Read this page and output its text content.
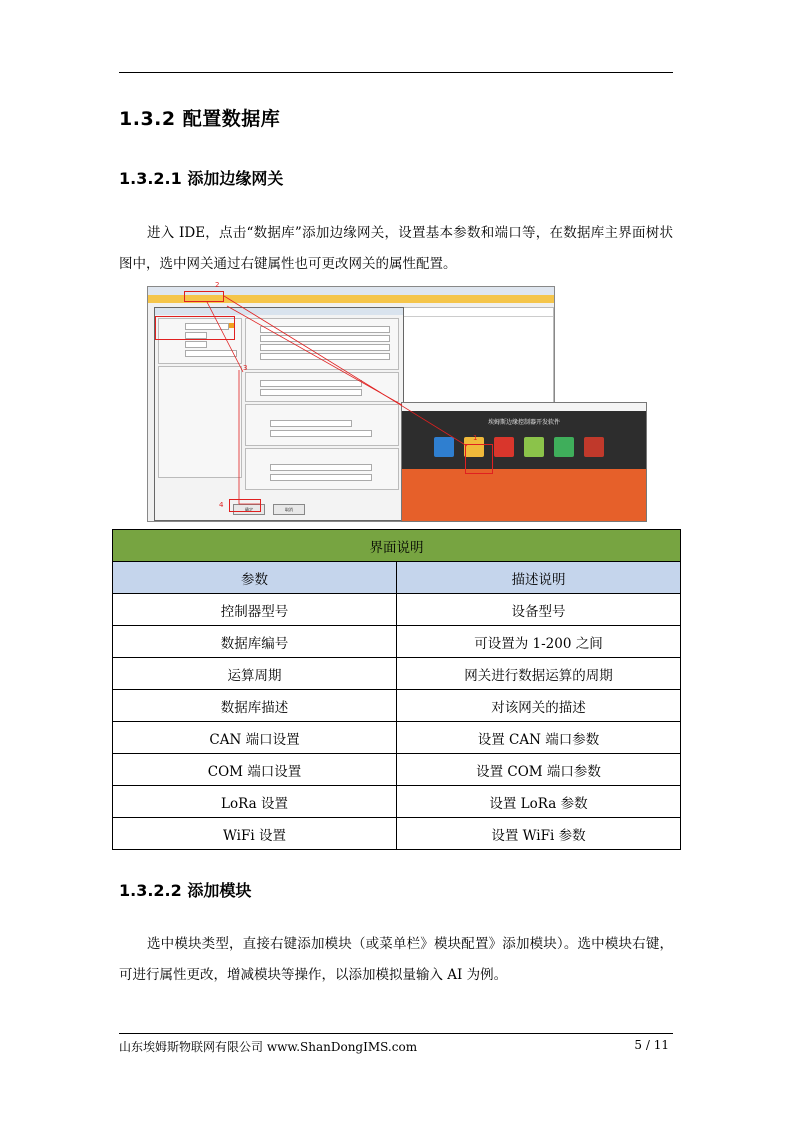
1.3.2 配置数据库
1.3.2.1 添加边缘网关

进入 IDE，点击“数据库”添加边缘网关，设置基本参数和端口等，在数据库主界面树状图中，选中网关通过右键属性也可更改网关的属性配置。

确定	取消
埃姆斯边缘控制器开发软件
2
3
4
1
界面说明	
参数	描述说明
控制器型号	设备型号
数据库编号	可设置为 1-200 之间
运算周期	网关进行数据运算的周期
数据库描述	对该网关的描述
CAN 端口设置	设置 CAN 端口参数
COM 端口设置	设置 COM 端口参数
LoRa 设置	设置 LoRa 参数
WiFi 设置	设置 WiFi 参数
1.3.2.2 添加模块

选中模块类型，直接右键添加模块（或菜单栏》模块配置》添加模块）。选中模块右键，可进行属性更改，增减模块等操作，以添加模拟量输入 AI 为例。

山东埃姆斯物联网有限公司 www.ShanDongIMS.com	5 / 11
